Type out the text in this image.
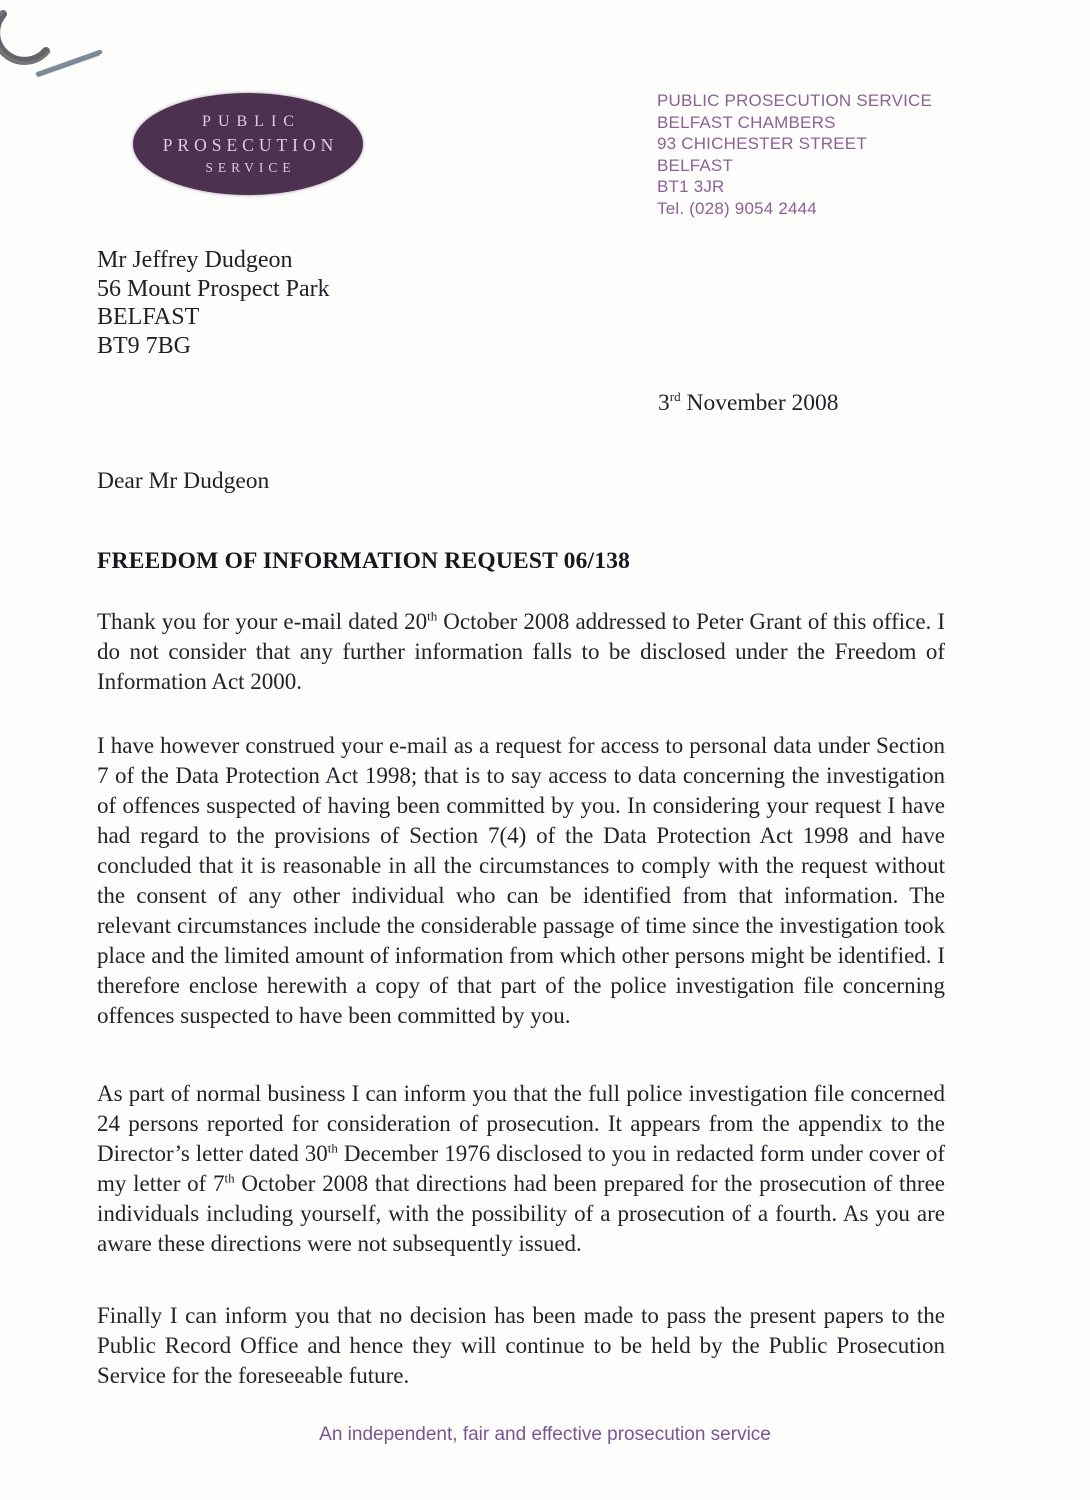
PUBLIC
PROSECUTION
SERVICE
PUBLIC PROSECUTION SERVICE
BELFAST CHAMBERS
93 CHICHESTER STREET
BELFAST
BT1 3JR
Tel. (028) 9054 2444
Mr Jeffrey Dudgeon
56 Mount Prospect Park
BELFAST
BT9 7BG
3rd November 2008
Dear Mr Dudgeon
FREEDOM OF INFORMATION REQUEST 06/138

Thank you for your e-mail dated 20th October 2008 addressed to Peter Grant of this office. I do not consider that any further information falls to be disclosed under the Freedom of Information Act 2000.

I have however construed your e-mail as a request for access to personal data under Section 7 of the Data Protection Act 1998; that is to say access to data concerning the investigation of offences suspected of having been committed by you. In considering your request I have had regard to the provisions of Section 7(4) of the Data Protection Act 1998 and have concluded that it is reasonable in all the circumstances to comply with the request without the consent of any other individual who can be identified from that information. The relevant circumstances include the considerable passage of time since the investigation took place and the limited amount of information from which other persons might be identified. I therefore enclose herewith a copy of that part of the police investigation file concerning offences suspected to have been committed by you.

As part of normal business I can inform you that the full police investigation file concerned 24 persons reported for consideration of prosecution. It appears from the appendix to the Director’s letter dated 30th December 1976 disclosed to you in redacted form under cover of my letter of 7th October 2008 that directions had been prepared for the prosecution of three individuals including yourself, with the possibility of a prosecution of a fourth. As you are aware these directions were not subsequently issued.

Finally I can inform you that no decision has been made to pass the present papers to the Public Record Office and hence they will continue to be held by the Public Prosecution Service for the foreseeable future.

An independent, fair and effective prosecution service
